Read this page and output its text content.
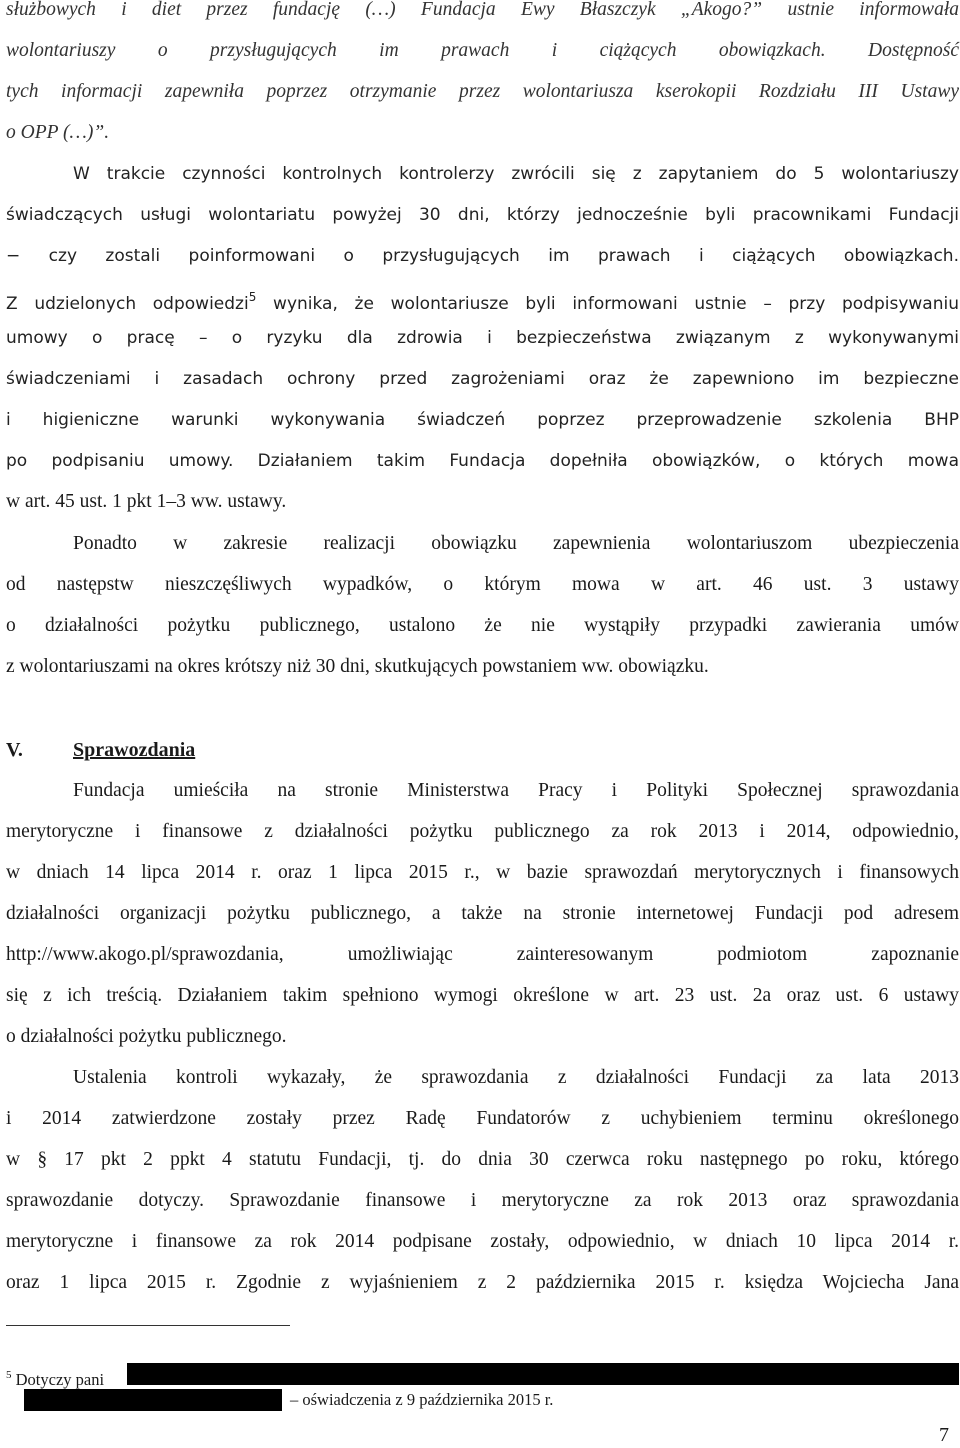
służbowych i diet przez fundację (…) Fundacja Ewy Błaszczyk „Akogo?” ustnie informowała
wolontariuszy o przysługujących im prawach i ciążących obowiązkach. Dostępność
tych informacji zapewniła poprzez otrzymanie przez wolontariusza kserokopii Rozdziału III Ustawy
o OPP (…)”.
W trakcie czynności kontrolnych kontrolerzy zwrócili się z zapytaniem do 5 wolontariuszy
świadczących usługi wolontariatu powyżej 30 dni, którzy jednocześnie byli pracownikami Fundacji
− czy zostali poinformowani o przysługujących im prawach i ciążących obowiązkach.
Z udzielonych odpowiedzi$^5$ wynika, że wolontariusze byli informowani ustnie – przy podpisywaniu
umowy o pracę – o ryzyku dla zdrowia i bezpieczeństwa związanym z wykonywanymi
świadczeniami i zasadach ochrony przed zagrożeniami oraz że zapewniono im bezpieczne
i higieniczne warunki wykonywania świadczeń poprzez przeprowadzenie szkolenia BHP
po podpisaniu umowy. Działaniem takim Fundacja dopełniła obowiązków, o których mowa
w art. 45 ust. 1 pkt 1–3 ww. ustawy.
Ponadto w zakresie realizacji obowiązku zapewnienia wolontariuszom ubezpieczenia
od następstw nieszczęśliwych wypadków, o którym mowa w art. 46 ust. 3 ustawy
o działalności pożytku publicznego, ustalono że nie wystąpiły przypadki zawierania umów
z wolontariuszami na okres krótszy niż 30 dni, skutkujących powstaniem ww. obowiązku.
V.	Sprawozdania
Fundacja umieściła na stronie Ministerstwa Pracy i Polityki Społecznej sprawozdania
merytoryczne i finansowe z działalności pożytku publicznego za rok 2013 i 2014, odpowiednio,
w dniach 14 lipca 2014 r. oraz 1 lipca 2015 r., w bazie sprawozdań merytorycznych i finansowych
działalności organizacji pożytku publicznego, a także na stronie internetowej Fundacji pod adresem
http://www.akogo.pl/sprawozdania, umożliwiając zainteresowanym podmiotom zapoznanie
się z ich treścią. Działaniem takim spełniono wymogi określone w art. 23 ust. 2a oraz ust. 6 ustawy
o działalności pożytku publicznego.
Ustalenia kontroli wykazały, że sprawozdania z działalności Fundacji za lata 2013
i 2014 zatwierdzone zostały przez Radę Fundatorów z uchybieniem terminu określonego
w § 17 pkt 2 ppkt 4 statutu Fundacji, tj. do dnia 30 czerwca roku następnego po roku, którego
sprawozdanie dotyczy. Sprawozdanie finansowe i merytoryczne za rok 2013 oraz sprawozdania
merytoryczne i finansowe za rok 2014 podpisane zostały, odpowiednio, w dniach 10 lipca 2014 r.
oraz 1 lipca 2015 r. Zgodnie z wyjaśnieniem z 2 października 2015 r. księdza Wojciecha Jana
$^5$ Dotyczy pani
– oświadczenia z 9 października 2015 r.
7
